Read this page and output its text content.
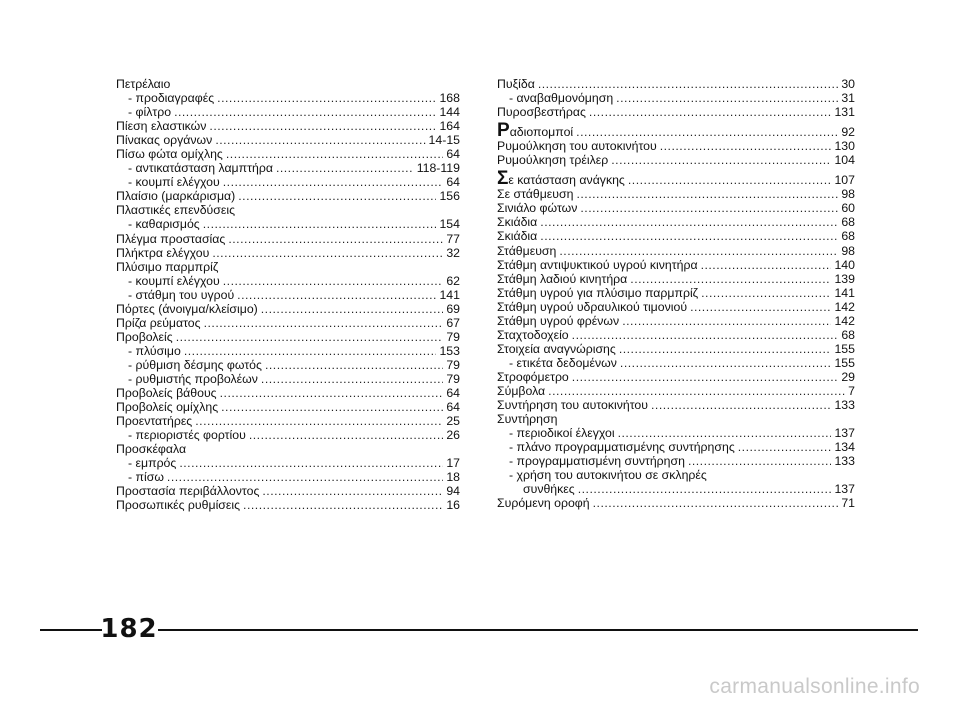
Πετρέλαιο
- προδιαγραφές .....	168
- φίλτρο .....	144
Πίεση ελαστικών .....	164
Πίνακας οργάνων .....	14-15
Πίσω φώτα ομίχλης .....	64
- αντικατάσταση λαμπτήρα .....	118-119
- κουμπί ελέγχου .....	64
Πλαίσιο (μαρκάρισμα) .....	156
Πλαστικές επενδύσεις
- καθαρισμός .....	154
Πλέγμα προστασίας .....	77
Πλήκτρα ελέγχου .....	32
Πλύσιμο παρμπρίζ
- κουμπί ελέγχου .....	62
- στάθμη του υγρού .....	141
Πόρτες (άνοιγμα/κλείσιμο) .....	69
Πρίζα ρεύματος .....	67
Προβολείς .....	79
- πλύσιμο .....	153
- ρύθμιση δέσμης φωτός .....	79
- ρυθμιστής προβολέων .....	79
Προβολείς βάθους .....	64
Προβολείς ομίχλης .....	64
Προεντατήρες .....	25
- περιοριστές φορτίου .....	26
Προσκέφαλα
- εμπρός .....	17
- πίσω .....	18
Προστασία περιβάλλοντος .....	94
Προσωπικές ρυθμίσεις .....	16
Πυξίδα .....	30
- αναβαθμονόμηση .....	31
Πυροσβεστήρας .....	131
Ραδιοπομποί .....	92
Ρυμούλκηση του αυτοκινήτου .....	130
Ρυμούλκηση τρέιλερ .....	104
Σε κατάσταση ανάγκης .....	107
Σε στάθμευση .....	98
Σινιάλο φώτων .....	60
Σκιάδια .....	68
Σκιάδια .....	68
Στάθμευση .....	98
Στάθμη αντιψυκτικού υγρού κινητήρα .....	140
Στάθμη λαδιού κινητήρα .....	139
Στάθμη υγρού για πλύσιμο παρμπρίζ .....	141
Στάθμη υγρού υδραυλικού τιμονιού .....	142
Στάθμη υγρού φρένων .....	142
Σταχτοδοχείο .....	68
Στοιχεία αναγνώρισης .....	155
- ετικέτα δεδομένων .....	155
Στροφόμετρο .....	29
Σύμβολα .....	7
Συντήρηση του αυτοκινήτου .....	133
Συντήρηση
- περιοδικοί έλεγχοι .....	137
- πλάνο προγραμματισμένης συντήρησης .....	134
- προγραμματισμένη συντήρηση .....	133
- χρήση του αυτοκινήτου σε σκληρές
συνθήκες .....	137
Συρόμενη οροφή .....	71
182
carmanualsonline.info
